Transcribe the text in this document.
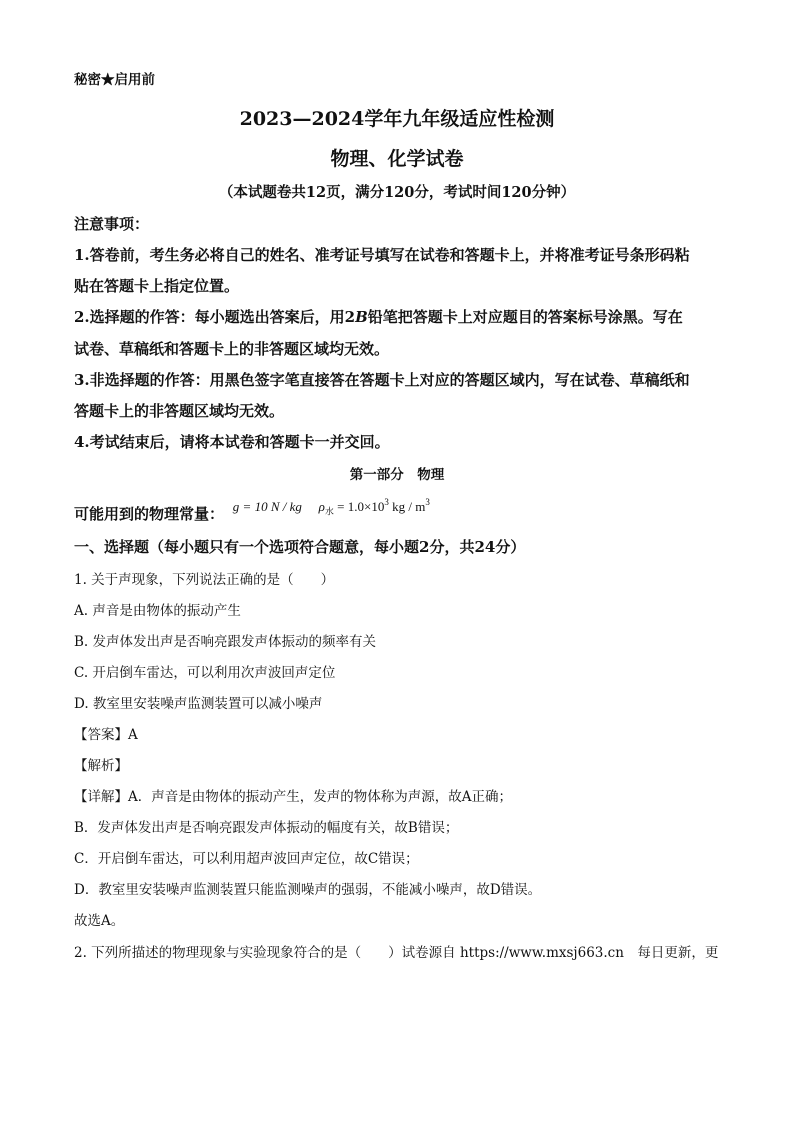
秘密★启用前
2023—2024学年九年级适应性检测
物理、化学试卷
（本试题卷共12页，满分120分，考试时间120分钟）
注意事项：
1.答卷前，考生务必将自己的姓名、准考证号填写在试卷和答题卡上，并将准考证号条形码粘
贴在答题卡上指定位置。
2.选择题的作答：每小题选出答案后，用2B铅笔把答题卡上对应题目的答案标号涂黑。写在
试卷、草稿纸和答题卡上的非答题区域均无效。
3.非选择题的作答：用黑色签字笔直接答在答题卡上对应的答题区域内，写在试卷、草稿纸和
答题卡上的非答题区域均无效。
4.考试结束后，请将本试卷和答题卡一并交回。
第一部分　物理
可能用到的物理常量： g = 10 N / kg $\rho_水 = 1.0\times 10^3$ kg / $m^3$
一、选择题（每小题只有一个选项符合题意，每小题2分，共24分）
1. 关于声现象，下列说法正确的是（　　）
A. 声音是由物体的振动产生
B. 发声体发出声是否响亮跟发声体振动的频率有关
C. 开启倒车雷达，可以利用次声波回声定位
D. 教室里安装噪声监测装置可以减小噪声
【答案】A
【解析】
【详解】A．声音是由物体的振动产生，发声的物体称为声源，故A正确；
B．发声体发出声是否响亮跟发声体振动的幅度有关，故B错误；
C．开启倒车雷达，可以利用超声波回声定位，故C错误；
D．教室里安装噪声监测装置只能监测噪声的强弱，不能减小噪声，故D错误。
故选A。
2. 下列所描述的物理现象与实验现象符合的是（　　）试卷源自 https://www.mxsj663.cn　每日更新，更
